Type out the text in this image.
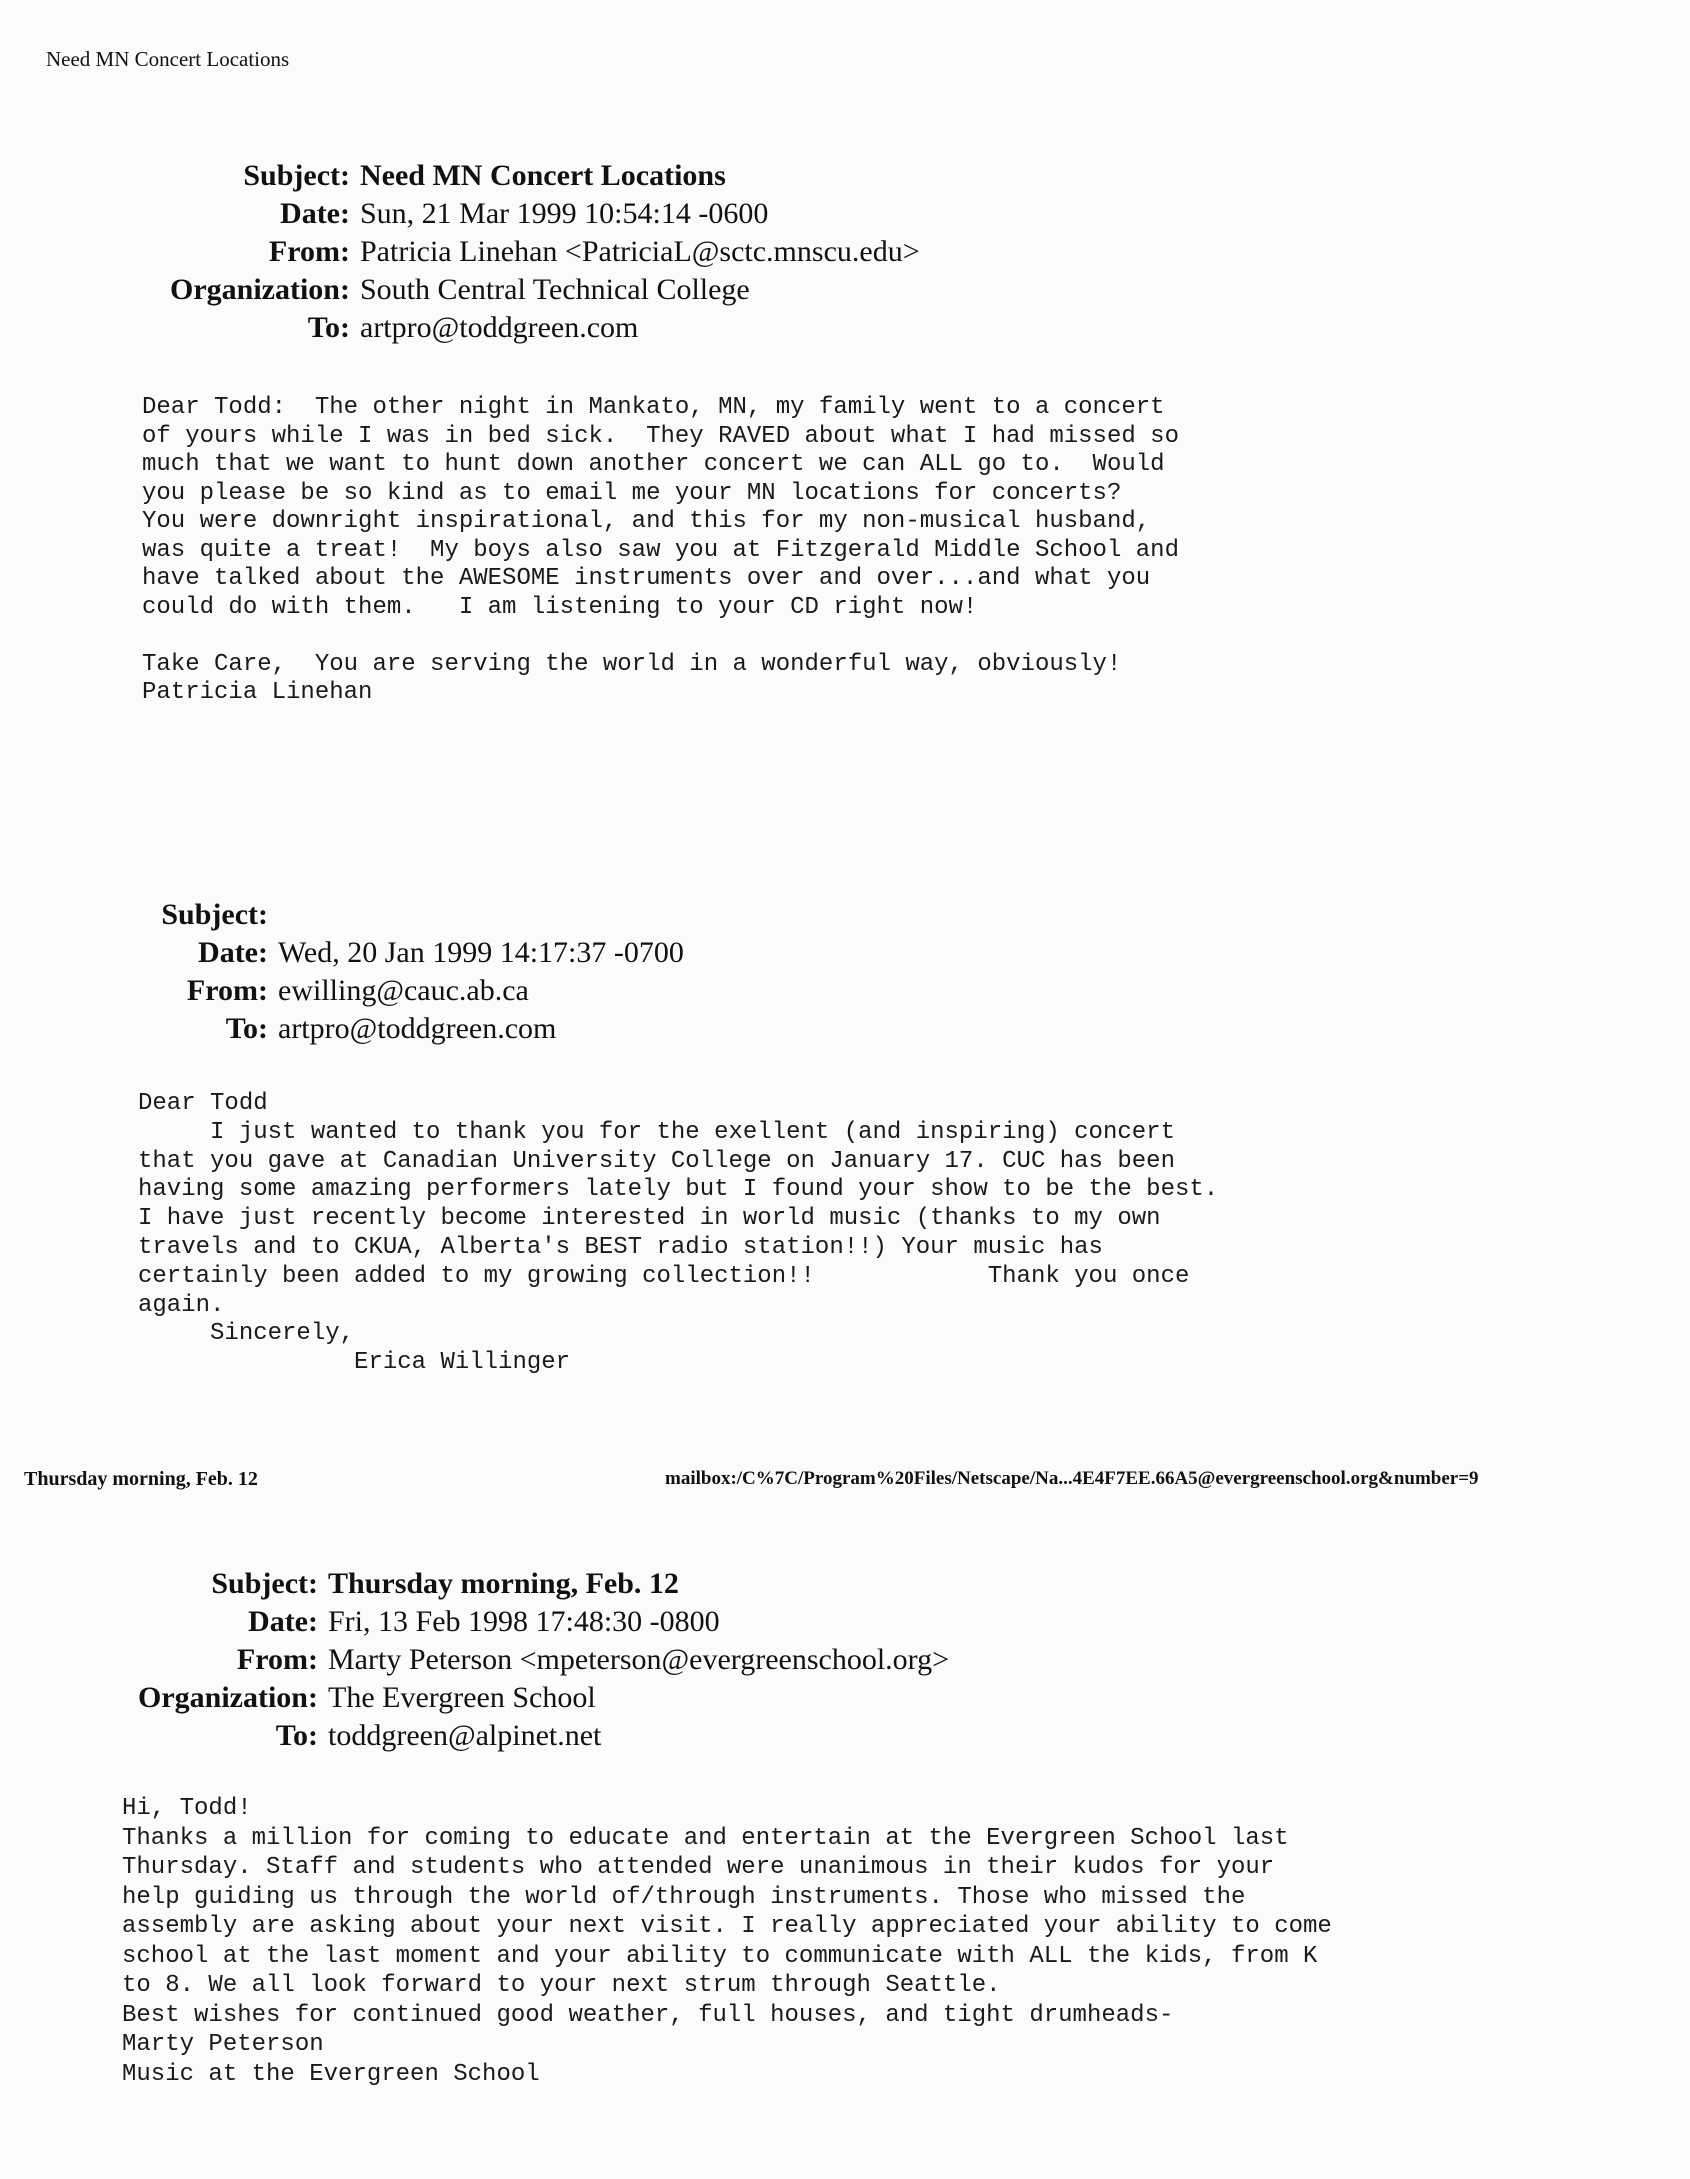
Need MN Concert Locations
Subject: Need MN Concert Locations
Date: Sun, 21 Mar 1999 10:54:14 -0600
From: Patricia Linehan <PatriciaL@sctc.mnscu.edu>
Organization: South Central Technical College
To: artpro@toddgreen.com
Dear Todd:  The other night in Mankato, MN, my family went to a concert
of yours while I was in bed sick.  They RAVED about what I had missed so
much that we want to hunt down another concert we can ALL go to.  Would
you please be so kind as to email me your MN locations for concerts?
You were downright inspirational, and this for my non-musical husband,
was quite a treat!  My boys also saw you at Fitzgerald Middle School and
have talked about the AWESOME instruments over and over...and what you
could do with them.   I am listening to your CD right now!

Take Care,  You are serving the world in a wonderful way, obviously!
Patricia Linehan
Subject:
Date: Wed, 20 Jan 1999 14:17:37 -0700
From: ewilling@cauc.ab.ca
To: artpro@toddgreen.com
Dear Todd
I just wanted to thank you for the exellent (and inspiring) concert
that you gave at Canadian University College on January 17. CUC has been
having some amazing performers lately but I found your show to be the best.
I have just recently become interested in world music (thanks to my own
travels and to CKUA, Alberta's BEST radio station!!) Your music has
certainly been added to my growing collection!!            Thank you once
again.
Sincerely,
Erica Willinger
Thursday morning, Feb. 12	mailbox:/C%7C/Program%20Files/Netscape/Na...4E4F7EE.66A5@evergreenschool.org&number=9
Subject: Thursday morning, Feb. 12
Date: Fri, 13 Feb 1998 17:48:30 -0800
From: Marty Peterson <mpeterson@evergreenschool.org>
Organization: The Evergreen School
To: toddgreen@alpinet.net
Hi, Todd!
Thanks a million for coming to educate and entertain at the Evergreen School last
Thursday. Staff and students who attended were unanimous in their kudos for your
help guiding us through the world of/through instruments. Those who missed the
assembly are asking about your next visit. I really appreciated your ability to come
school at the last moment and your ability to communicate with ALL the kids, from K
to 8. We all look forward to your next strum through Seattle.
Best wishes for continued good weather, full houses, and tight drumheads-
Marty Peterson
Music at the Evergreen School
